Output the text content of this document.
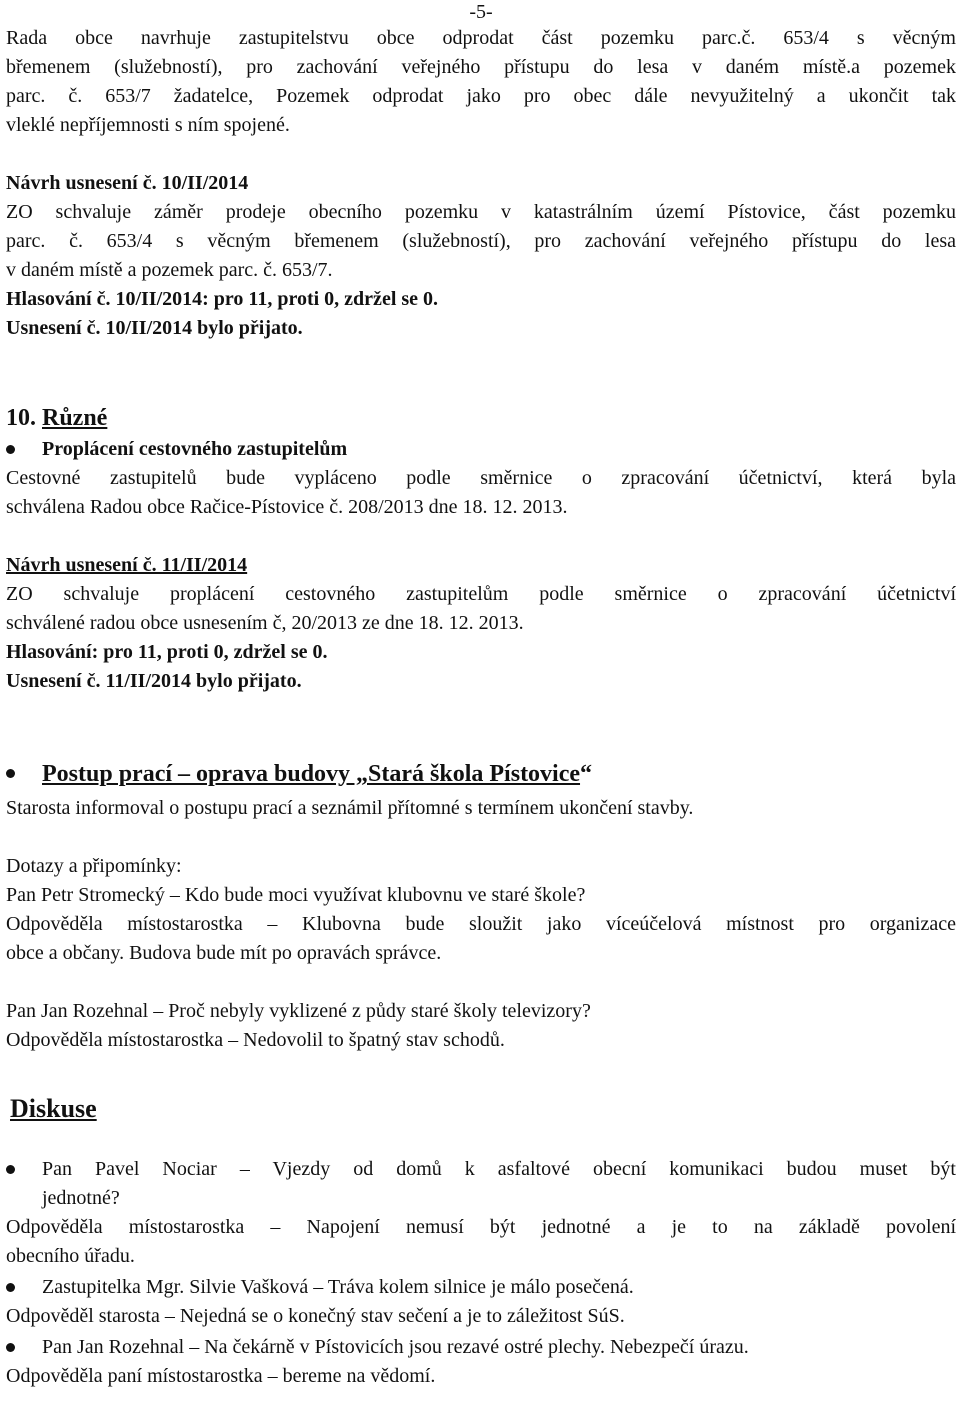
-5-

Rada obce navrhuje zastupitelstvu obce odprodat část pozemku parc.č. 653/4 s věcným

břemenem (služebností), pro zachování veřejného přístupu do lesa v daném místě.a pozemek

parc. č. 653/7 žadatelce, Pozemek odprodat jako pro obec dále nevyužitelný a ukončit tak

vleklé nepříjemnosti s ním spojené.

Návrh usnesení č. 10/II/2014

ZO schvaluje záměr prodeje obecního pozemku v katastrálním území Pístovice, část pozemku

parc. č. 653/4 s věcným břemenem (služebností), pro zachování veřejného přístupu do lesa

v daném místě a pozemek parc. č. 653/7.

Hlasování č. 10/II/2014: pro 11, proti 0, zdržel se 0.

Usnesení č. 10/II/2014 bylo přijato.

10. Různé

Proplácení cestovného zastupitelům

Cestovné zastupitelů bude vypláceno podle směrnice o zpracování účetnictví, která byla

schválena Radou obce Račice-Pístovice č. 208/2013 dne 18. 12. 2013.

Návrh usnesení č. 11/II/2014

ZO schvaluje proplácení cestovného zastupitelům podle směrnice o zpracování účetnictví

schválené radou obce usnesením č, 20/2013 ze dne 18. 12. 2013.

Hlasování: pro 11, proti 0, zdržel se 0.

Usnesení č. 11/II/2014 bylo přijato.

Postup prací – oprava budovy „Stará škola Pístovice“

Starosta informoval o postupu prací a seznámil přítomné s termínem ukončení stavby.

Dotazy a připomínky:

Pan Petr Stromecký – Kdo bude moci využívat klubovnu ve staré škole?

Odpověděla místostarostka – Klubovna bude sloužit jako víceúčelová místnost pro organizace

obce a občany. Budova bude mít po opravách správce.

Pan Jan Rozehnal – Proč nebyly vyklizené z půdy staré školy televizory?

Odpověděla místostarostka – Nedovolil to špatný stav schodů.

Diskuse

Pan Pavel Nociar – Vjezdy od domů k asfaltové obecní komunikaci budou muset být

jednotné?

Odpověděla místostarostka – Napojení nemusí být jednotné a je to na základě povolení

obecního úřadu.

Zastupitelka Mgr. Silvie Vašková – Tráva kolem silnice je málo posečená.

Odpověděl starosta – Nejedná se o konečný stav sečení a je to záležitost SúS.

Pan Jan Rozehnal – Na čekárně v Pístovicích jsou rezavé ostré plechy. Nebezpečí úrazu.

Odpověděla paní místostarostka – bereme na vědomí.
